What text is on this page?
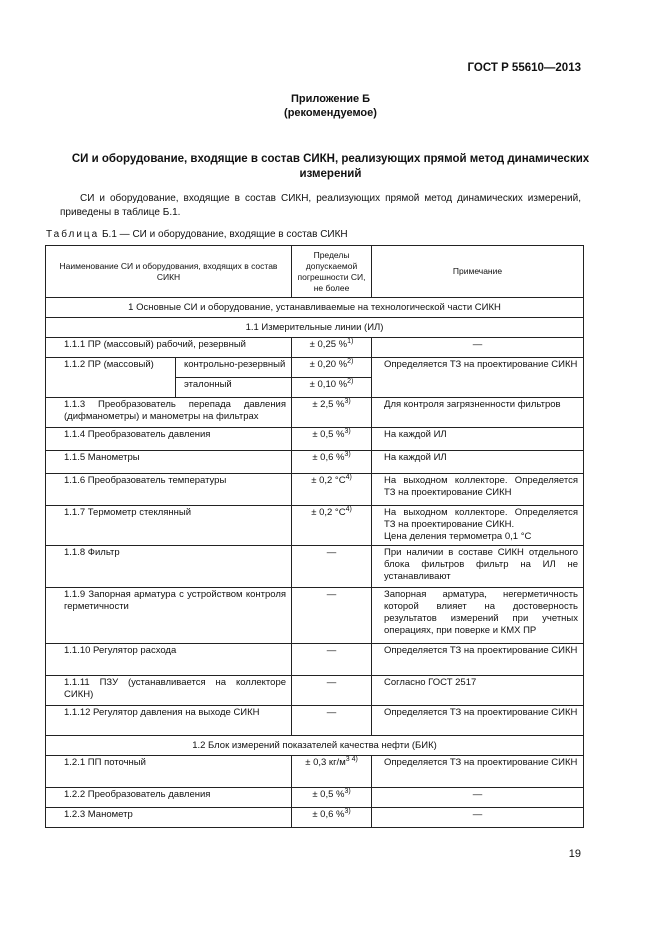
ГОСТ Р 55610—2013
Приложение Б
(рекомендуемое)
СИ и оборудование, входящие в состав СИКН, реализующих прямой метод динамических
измерений
СИ и оборудование, входящие в состав СИКН, реализующих прямой метод динамических измерений, приведены в таблице Б.1.
Таблица Б.1 — СИ и оборудование, входящие в состав СИКН
Наименование СИ и оборудования, входящих в состав СИКН		Пределы допускаемой погрешности СИ, не более	Примечание
1 Основные СИ и оборудование, устанавливаемые на технологической части СИКН			
1.1 Измерительные линии (ИЛ)			
1.1.1 ПР (массовый) рабочий, резервный		± 0,25 %$^{1)}$	—
1.1.2 ПР (массовый)	контрольно-резервный	± 0,20 %$^{2)}$	Определяется ТЗ на проектирование СИКН
	эталонный	± 0,10 %$^{2)}$
1.1.3 Преобразователь перепада давления (дифманометры) и манометры на фильтрах		± 2,5 %$^{3)}$	Для контроля загрязненности фильтров
1.1.4 Преобразователь давления		± 0,5 %$^{3)}$	На каждой ИЛ
1.1.5 Манометры		± 0,6 %$^{3)}$	На каждой ИЛ
1.1.6 Преобразователь температуры		± 0,2 $^\circ С^{4)}$	На выходном коллекторе. Определяется ТЗ на проектирование СИКН
1.1.7 Термометр стеклянный		± 0,2 $^\circ С^{4)}$	На выходном коллекторе. Определяется ТЗ на проектирование СИКН.
Цена деления термометра 0,1 °С

1.1.8 Фильтр		—	При наличии в составе СИКН отдельного блока фильтров фильтр на ИЛ не устанавливают
1.1.9 Запорная арматура с устройством контроля герметичности		—	Запорная арматура, негерметичность которой влияет на достоверность результатов измерений при учетных операциях, при поверке и КМХ ПР
1.1.10 Регулятор расхода		—	Определяется ТЗ на проектирование СИКН
1.1.11 ПЗУ (устанавливается на коллекторе СИКН)		—	Согласно ГОСТ 2517
1.1.12 Регулятор давления на выходе СИКН		—	Определяется ТЗ на проектирование СИКН
1.2 Блок измерений показателей качества нефти (БИК)			
1.2.1 ПП поточный		± 0,3 $кг/м^{3 4)}$	Определяется ТЗ на проектирование СИКН
1.2.2 Преобразователь давления		± 0,5 %$^{3)}$	—
1.2.3 Манометр		± 0,6 %$^{3)}$	—
19
